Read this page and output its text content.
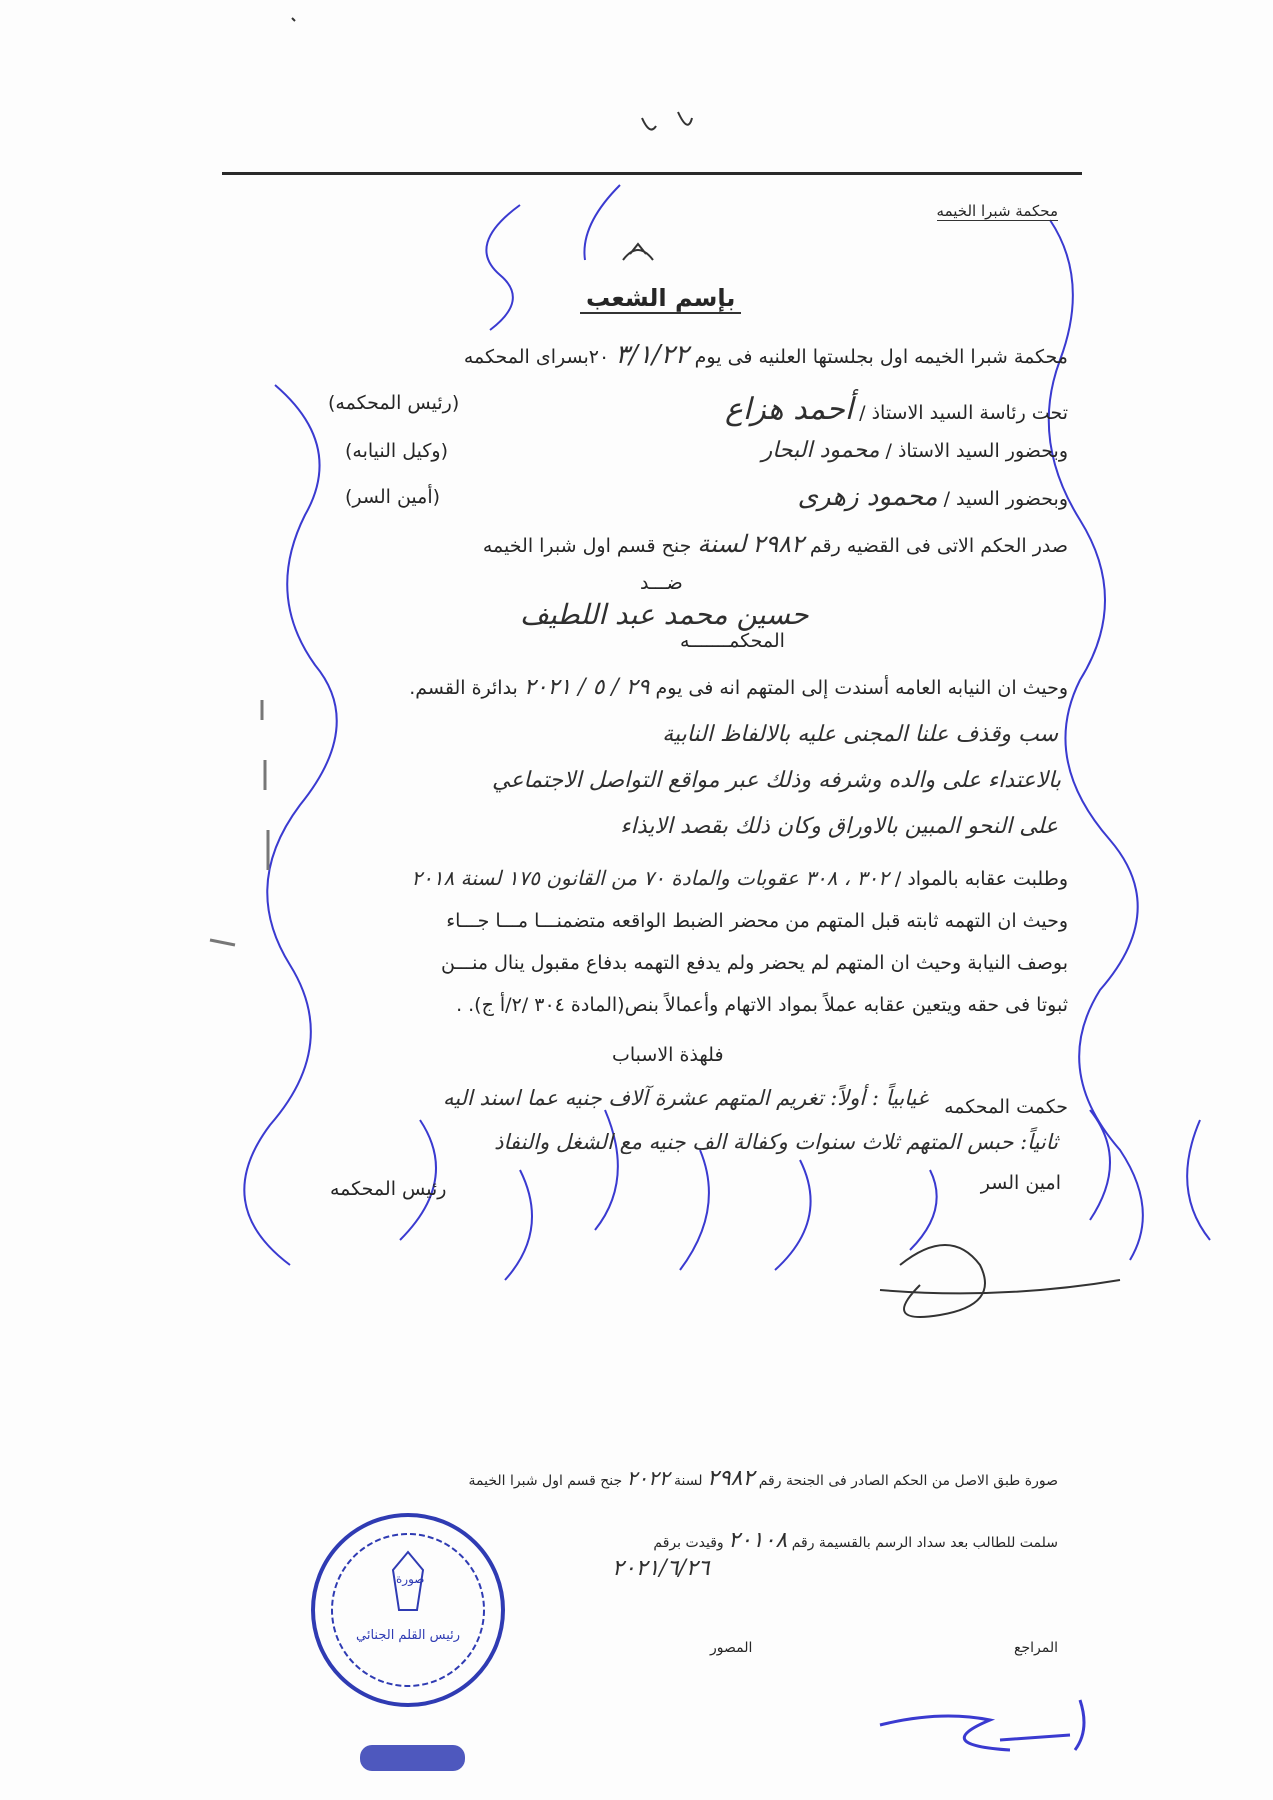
محكمة شبرا الخيمه
بإسم الشعب
محكمة شبرا الخيمه اول بجلستها العلنيه فى يوم ٣/١/٢٢ ٢٠بسرای المحكمه
تحت رئاسة السيد الاستاذ / أحمد هزاع
(رئيس المحكمه)
وبحضور السيد الاستاذ / محمود البحار
(وكيل النيابه)
وبحضور السيد / محمود زهرى
(أمين السر)
صدر الحكم الاتى فى القضيه رقم ٢٩٨٢ لسنة جنح قسم اول شبرا الخيمه
ضـــد
حسين محمد عبد اللطيف
المحكمـــــــه
وحيث ان النيابه العامه أسندت إلى المتهم انه فى يوم ٢٩ / ٥ / ٢٠٢١ بدائرة القسم.
سب وقذف علنا المجنى عليه بالالفاظ النابية
بالاعتداء على والده وشرفه وذلك عبر مواقع التواصل الاجتماعي
على النحو المبين بالاوراق وكان ذلك بقصد الايذاء
وطلبت عقابه بالمواد / ٣٠٢ ، ٣٠٨ عقوبات والمادة ٧٠ من القانون ١٧٥ لسنة ٢٠١٨
وحيث ان التهمه ثابته قبل المتهم من محضر الضبط الواقعه متضمنـــا مـــا جـــاء
بوصف النيابة وحيث ان المتهم لم يحضر ولم يدفع التهمه بدفاع مقبول ينال منـــن
ثبوتا فى حقه ويتعين عقابه عملاً بمواد الاتهام وأعمالاً بنص(المادة ٣٠٤ /٢/أ ج). .
فلهذة الاسباب
حكمت المحكمه
غيابياً : أولاً: تغريم المتهم عشرة آلاف جنيه عما اسند اليه
ثانياً: حبس المتهم ثلاث سنوات وكفالة الف جنيه مع الشغل والنفاذ
امين السر
رئيس المحكمه
صورة طبق الاصل من الحكم الصادر فى الجنحة رقم ٢٩٨٢ لسنة ٢٠٢٢ جنح قسم اول شبرا الخيمة
سلمت للطالب بعد سداد الرسم بالقسيمة رقم ٢٠١٠٨ وقيدت برقم
٢٠٢١/٦/٢٦
المصور	المراجع
صورة
رئيس القلم الجنائي
